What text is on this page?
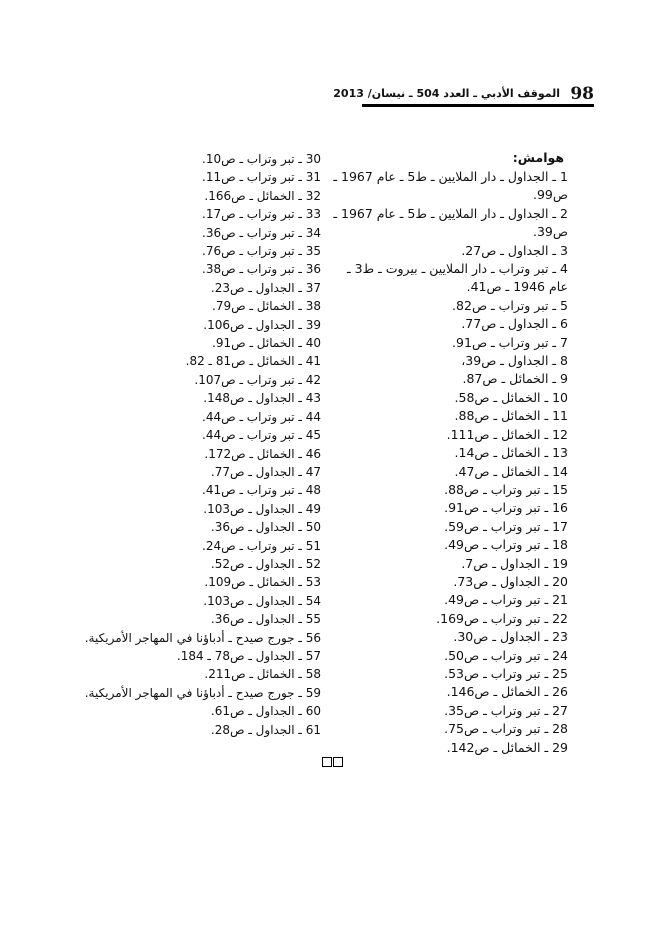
98
الموقف الأدبي ـ العدد 504 ـ نيسان/ 2013
هوامش:
1 ـ الجداول ـ دار الملايين ـ ط5 ـ عام 1967 ـ ص99.
2 ـ الجداول ـ دار الملايين ـ ط5 ـ عام 1967 ـ ص39.
3 ـ الجداول ـ ص27.
4 ـ تبر وتراب ـ دار الملايين ـ بيروت ـ ط3 ـ عام 1946 ـ ص41.
5 ـ تبر وتراب ـ ص82.
6 ـ الجداول ـ ص77.
7 ـ تبر وتراب ـ ص91.
8 ـ الجداول ـ ص39،
9 ـ الخمائل ـ ص87.
10 ـ الخمائل ـ ص58.
11 ـ الخمائل ـ ص88.
12 ـ الخمائل ـ ص111.
13 ـ الخمائل ـ ص14.
14 ـ الخمائل ـ ص47.
15 ـ تبر وتراب ـ ص88.
16 ـ تبر وتراب ـ ص91.
17 ـ تبر وتراب ـ ص59.
18 ـ تبر وتراب ـ ص49.
19 ـ الجداول ـ ص7.
20 ـ الجداول ـ ص73.
21 ـ تبر وتراب ـ ص49.
22 ـ تبر وتراب ـ ص169.
23 ـ الجداول ـ ص30.
24 ـ تبر وتراب ـ ص50.
25 ـ تبر وتراب ـ ص53.
26 ـ الخمائل ـ ص146.
27 ـ تبر وتراب ـ ص35.
28 ـ تبر وتراب ـ ص75.
29 ـ الخمائل ـ ص142.
30 ـ تبر وتراب ـ ص10.
31 ـ تبر وتراب ـ ص11.
32 ـ الخمائل ـ ص166.
33 ـ تبر وتراب ـ ص17.
34 ـ تبر وتراب ـ ص36.
35 ـ تبر وتراب ـ ص76.
36 ـ تبر وتراب ـ ص38.
37 ـ الجداول ـ ص23.
38 ـ الخمائل ـ ص79.
39 ـ الجداول ـ ص106.
40 ـ الخمائل ـ ص91.
41 ـ الخمائل ـ ص81 ـ 82.
42 ـ تبر وتراب ـ ص107.
43 ـ الجداول ـ ص148.
44 ـ تبر وتراب ـ ص44.
45 ـ تبر وتراب ـ ص44.
46 ـ الخمائل ـ ص172.
47 ـ الجداول ـ ص77.
48 ـ تبر وتراب ـ ص41.
49 ـ الجداول ـ ص103.
50 ـ الجداول ـ ص36.
51 ـ تبر وتراب ـ ص24.
52 ـ الجداول ـ ص52.
53 ـ الخمائل ـ ص109.
54 ـ الجداول ـ ص103.
55 ـ الجداول ـ ص36.
56 ـ جورج صيدح ـ أدباؤنا في المهاجر الأمريكية.
57 ـ الجداول ـ ص78 ـ 184.
58 ـ الخمائل ـ ص211.
59 ـ جورج صيدح ـ أدباؤنا في المهاجر الأمريكية.
60 ـ الجداول ـ ص61.
61 ـ الجداول ـ ص28.
